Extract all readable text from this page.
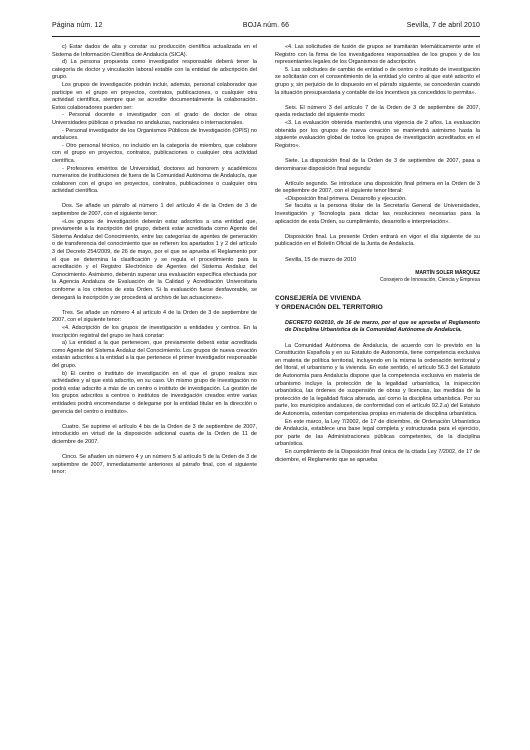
Página núm. 12	BOJA núm. 66	Sevilla, 7 de abril 2010

c) Estar dados de alta y constar su producción científica actualizada en el Sistema de Información Científica de Andalucía (SICA).

d) La persona propuesta como investigador responsable deberá tener la categoría de doctor y vinculación laboral estable con la entidad de adscripción del grupo.

Los grupos de investigación podrán incluir, además, personal colaborador que participe en el grupo en proyectos, contratos, publicaciones, o cualquier otra actividad científica, siempre que se acredite documentalmente la colaboración. Estos colaboradores pueden ser:

- Personal docente e investigador con el grado de doctor de otras Universidades públicas o privadas no andaluzas, nacionales o internacionales.

- Personal investigador de los Organismos Públicos de Investigación (OPIS) no andaluces.

- Otro personal técnico, no incluido en la categoría de miembro, que colabore con el grupo en proyectos, contratos, publicaciones o cualquier otra actividad científica.

- Profesores eméritos de Universidad, doctores ad honorem y académicos numerarios de instituciones de fuera de la Comunidad Autónoma de Andalucía, que colaboren con el grupo en proyectos, contratos, publicaciones o cualquier otra actividad científica.

Dos. Se añade un párrafo al número 1 del artículo 4 de la Orden de 3 de septiembre de 2007, con el siguiente tenor:

«Los grupos de investigación deberán estar adscritos a una entidad que, previamente a la inscripción del grupo, deberá estar acreditada como Agente del Sistema Andaluz del Conocimiento, entre las categorías de agentes de generación o de transferencia del conocimiento que se refieren los apartados 1 y 2 del artículo 3 del Decreto 254/2009, de 26 de mayo, por el que se aprueba el Reglamento por el que se determina la clasificación y se regula el procedimiento para la acreditación y el Registro Electrónico de Agentes del Sistema Andaluz del Conocimiento. Asimismo, deberán superar una evaluación específica efectuada por la Agencia Andaluza de Evaluación de la Calidad y Acreditación Universitaria conforme a los criterios de esta Orden. Si la evaluación fuese desfavorable, se denegará la inscripción y se procederá al archivo de las actuaciones».

Tres. Se añade un número 4 al artículo 4 de la Orden de 3 de septiembre de 2007, con el siguiente tenor:

«4. Adscripción de los grupos de investigación a entidades y centros. En la inscripción registral del grupo se hará constar:

a) La entidad a la que pertenecen, que previamente deberá estar acreditada como Agente del Sistema Andaluz del Conocimiento. Los grupos de nueva creación estarán adscritos a la entidad a la que pertenece el primer investigador responsable del grupo.

b) El centro o instituto de investigación en el que el grupo realiza sus actividades y al que está adscrito, en su caso. Un mismo grupo de investigación no podrá estar adscrito a más de un centro o instituto de investigación. La gestión de los grupos adscritos a centros o institutos de investigación creados entre varias entidades podrá encomendarse o delegarse por la entidad titular en la dirección o gerencia del centro o instituto».

Cuatro. Se suprime el artículo 4 bis de la Orden de 3 de septiembre de 2007, introducido en virtud de la disposición adicional cuarta de la Orden de 11 de diciembre de 2007.

Cinco. Se añaden un número 4 y un número 5 al artículo 5 de la Orden de 3 de septiembre de 2007, inmediatamente anteriores al párrafo final, con el siguiente tenor:

«4. Las solicitudes de fusión de grupos se tramitarán telemáticamente ante el Registro con la firma de los investigadores responsables de los grupos y de los representantes legales de los Organismos de adscripción.

5. Las solicitudes de cambio de entidad o de centro o instituto de investigación se solicitarán con el consentimiento de la entidad y/o centro al que esté adscrito el grupo y, sin perjuicio de lo dispuesto en el párrafo siguiente, se concederán cuando la situación presupuestaria y contable de los incentivos ya concedidos lo permita».

Seis. El número 3 del artículo 7 de la Orden de 3 de septiembre de 2007, queda redactado del siguiente modo:

«3. La evaluación obtenida mantendrá una vigencia de 2 años. La evaluación obtenida por los grupos de nueva creación se mantendrá asimismo hasta la siguiente evaluación global de todos los grupos de investigación acreditados en el Registro».

Siete. La disposición final de la Orden de 3 de septiembre de 2007, pasa a denominarse disposición final segunda:

Artículo segundo. Se introduce una disposición final primera en la Orden de 3 de septiembre de 2007, con el siguiente tenor literal:

«Disposición final primera. Desarrollo y ejecución.

Se faculta a la persona titular de la Secretaría General de Universidades, Investigación y Tecnología para dictar las resoluciones necesarias para la aplicación de esta Orden, su cumplimiento, desarrollo e interpretación».

Disposición final. La presente Orden entrará en vigor el día siguiente de su publicación en el Boletín Oficial de la Junta de Andalucía.

Sevilla, 15 de marzo de 2010

MARTÍN SOLER MÁRQUEZ
Consejero de Innovación, Ciencia y Empresa
CONSEJERÍA DE VIVIENDA
Y ORDENACIÓN DEL TERRITORIO

DECRETO 60/2010, de 16 de marzo, por el que se aprueba el Reglamento de Disciplina Urbanística de la Comunidad Autónoma de Andalucía.

La Comunidad Autónoma de Andalucía, de acuerdo con lo previsto en la Constitución Española y en su Estatuto de Autonomía, tiene competencia exclusiva en materia de política territorial, incluyendo en la misma la ordenación territorial y del litoral, el urbanismo y la vivienda. En este sentido, el artículo 56.3 del Estatuto de Autonomía para Andalucía dispone que la competencia exclusiva en materia de urbanismo incluye la protección de la legalidad urbanística, la inspección urbanística, las órdenes de suspensión de obras y licencias, las medidas de la protección de la legalidad física alterada, así como la disciplina urbanística. Por su parte, los municipios andaluces, de conformidad con el artículo 92.2.a) del Estatuto de Autonomía, ostentan competencias propias en materia de disciplina urbanística.

En este marco, la Ley 7/2002, de 17 de diciembre, de Ordenación Urbanística de Andalucía, establece una base legal completa y estructurada para el ejercicio, por parte de las Administraciones públicas competentes, de la disciplina urbanística.

En cumplimiento de la Disposición final única de la citada Ley 7/2002, de 17 de diciembre, el Reglamento que se aprueba
